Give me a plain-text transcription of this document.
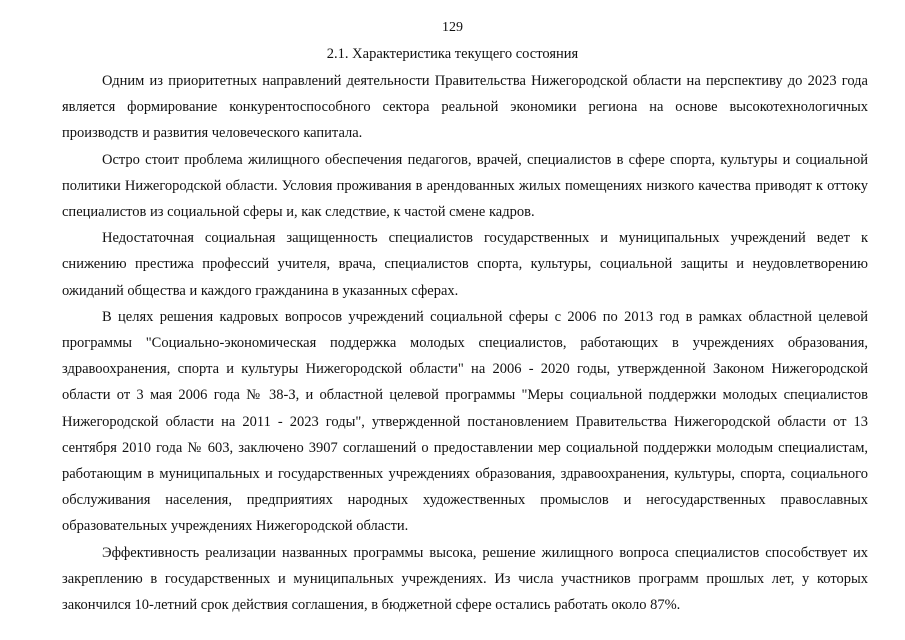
129
2.1. Характеристика текущего состояния

Одним из приоритетных направлений деятельности Правительства Нижегородской области на перспективу до 2023 года является формирование конкурентоспособного сектора реальной экономики региона на основе высокотехнологичных производств и развития человеческого капитала.

Остро стоит проблема жилищного обеспечения педагогов, врачей, специалистов в сфере спорта, культуры и социальной политики Нижегородской области. Условия проживания в арендованных жилых помещениях низкого качества приводят к оттоку специалистов из социальной сферы и, как следствие, к частой смене кадров.

Недостаточная социальная защищенность специалистов государственных и муниципальных учреждений ведет к снижению престижа профессий учителя, врача, специалистов спорта, культуры, социальной защиты и неудовлетворению ожиданий общества и каждого гражданина в указанных сферах.

В целях решения кадровых вопросов учреждений социальной сферы с 2006 по 2013 год в рамках областной целевой программы "Социально-экономическая поддержка молодых специалистов, работающих в учреждениях образования, здравоохранения, спорта и культуры Нижегородской области" на 2006 - 2020 годы, утвержденной Законом Нижегородской области от 3 мая 2006 года № 38-З, и областной целевой программы "Меры социальной поддержки молодых специалистов Нижегородской области на 2011 - 2023 годы", утвержденной постановлением Правительства Нижегородской области от 13 сентября 2010 года № 603, заключено 3907 соглашений о предоставлении мер социальной поддержки молодым специалистам, работающим в муниципальных и государственных учреждениях образования, здравоохранения, культуры, спорта, социального обслуживания населения, предприятиях народных художественных промыслов и негосударственных православных образовательных учреждениях Нижегородской области.

Эффективность реализации названных программы высока, решение жилищного вопроса специалистов способствует их закреплению в государственных и муниципальных учреждениях. Из числа участников программ прошлых лет, у которых закончился 10-летний срок действия соглашения, в бюджетной сфере остались работать около 87%.
